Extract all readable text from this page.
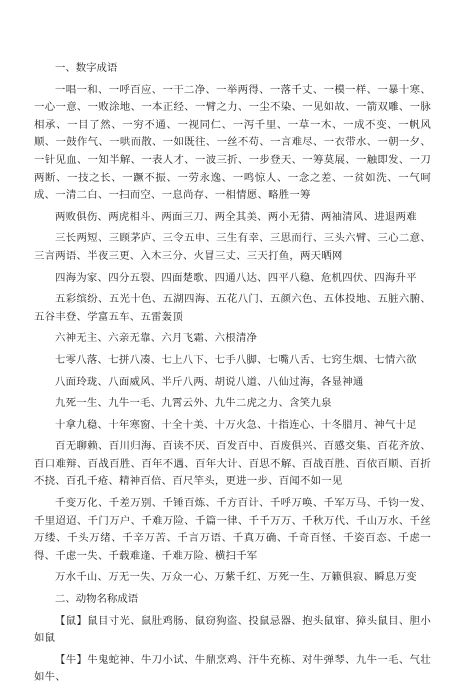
一、数字成语

一唱一和、一呼百应、一干二净、一举两得、一落千丈、一模一样、一暴十寒、一心一意、一败涂地、一本正经、一臂之力、一尘不染、一见如故、一箭双雕、一脉相承、一目了然、一穷不通、一视同仁、一泻千里、一草一木、一成不变、一帆风顺、一鼓作气、一哄而散、一如既往、一丝不苟、一言难尽、一衣带水、一朝一夕、一针见血、一知半解、一表人才、一波三折、一步登天、一筹莫展、一触即发、一刀两断、一技之长、一蹶不振、一劳永逸、一鸣惊人、一念之差、一贫如洗、一气呵成、一清二白、一扫而空、一息尚存、一相情愿、略胜一筹

两败俱伤、两虎相斗、两面三刀、两全其美、两小无猜、两袖清风、进退两难

三长两短、三顾茅庐、三令五申、三生有幸、三思而行、三头六臂、三心二意、三言两语、半夜三更、入木三分、火冒三丈、三天打鱼，两天晒网

四海为家、四分五裂、四面楚歌、四通八达、四平八稳、危机四伏、四海升平

五彩缤纷、五光十色、五湖四海、五花八门、五颜六色、五体投地、五脏六腑、五谷丰登、学富五车、五雷轰顶

六神无主、六亲无靠、六月飞霜、六根清净

七零八落、七拼八凑、七上八下、七手八脚、七嘴八舌、七窍生烟、七情六欲

八面玲珑、八面威风、半斤八两、胡说八道、八仙过海，各显神通

九死一生、九牛一毛、九霄云外、九牛二虎之力、含笑九泉

十拿九稳、十年寒窗、十全十美、十万火急、十指连心、十冬腊月、神气十足

百无聊赖、百川归海、百读不厌、百发百中、百废俱兴、百感交集、百花齐放、百口难辩、百战百胜、百年不遇、百年大计、百思不解、百战百胜、百依百顺、百折不挠、百孔千疮、精神百倍、百尺竿头，更进一步、百闻不如一见

千变万化、千差万别、千锤百炼、千方百计、千呼万唤、千军万马、千钧一发、千里迢迢、千门万户、千难万险、千篇一律、千千万万、千秋万代、千山万水、千丝万缕、千头万绪、千辛万苦、千言万语、千真万确、千奇百怪、千姿百态、千虑一得、千虑一失、千载难逢、千难万险、横扫千军

万水千山、万无一失、万众一心、万紫千红、万死一生、万籁俱寂、瞬息万变

二、动物名称成语

【鼠】鼠目寸光、鼠肚鸡肠、鼠窃狗盗、投鼠忌器、抱头鼠窜、獐头鼠目、胆小如鼠

【牛】牛鬼蛇神、牛刀小试、牛鼎烹鸡、汗牛充栋、对牛弹琴、九牛一毛、气壮如牛、
